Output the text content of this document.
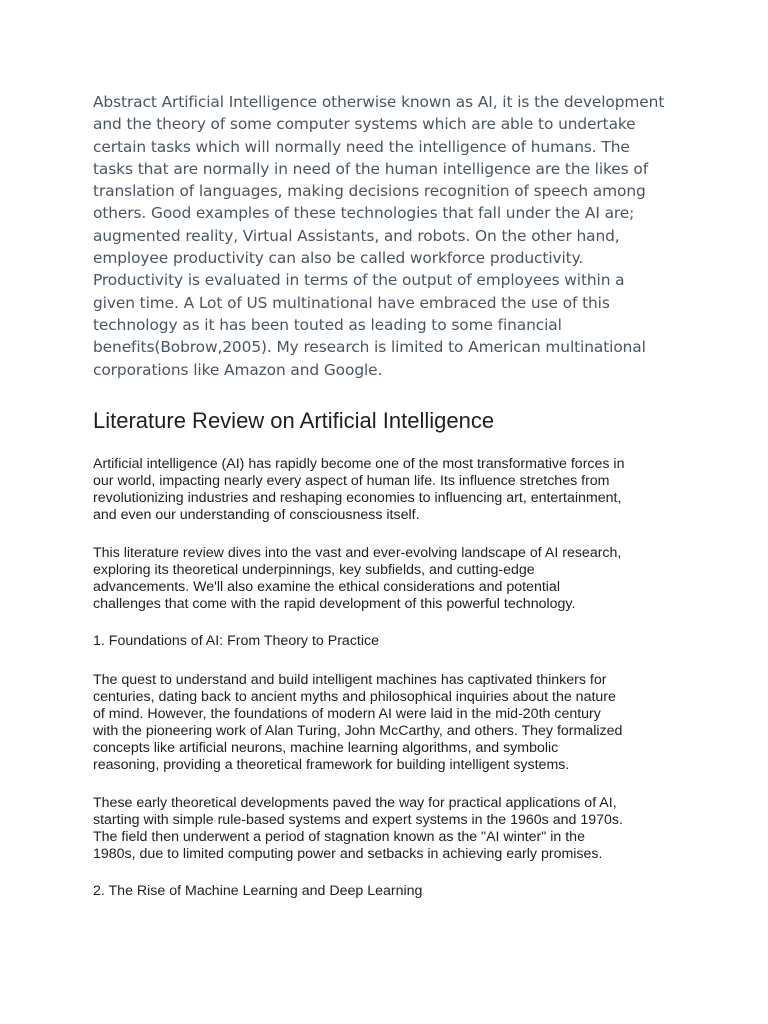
Abstract Artificial Intelligence otherwise known as AI, it is the development
and the theory of some computer systems which are able to undertake
certain tasks which will normally need the intelligence of humans. The
tasks that are normally in need of the human intelligence are the likes of
translation of languages, making decisions recognition of speech among
others. Good examples of these technologies that fall under the AI are;
augmented reality, Virtual Assistants, and robots. On the other hand,
employee productivity can also be called workforce productivity.
Productivity is evaluated in terms of the output of employees within a
given time. A Lot of US multinational have embraced the use of this
technology as it has been touted as leading to some financial
benefits(Bobrow,2005). My research is limited to American multinational
corporations like Amazon and Google.

Literature Review on Artificial Intelligence

Artificial intelligence (AI) has rapidly become one of the most transformative forces in
our world, impacting nearly every aspect of human life. Its influence stretches from
revolutionizing industries and reshaping economies to influencing art, entertainment,
and even our understanding of consciousness itself.

This literature review dives into the vast and ever-evolving landscape of AI research,
exploring its theoretical underpinnings, key subfields, and cutting-edge
advancements. We'll also examine the ethical considerations and potential
challenges that come with the rapid development of this powerful technology.

1. Foundations of AI: From Theory to Practice

The quest to understand and build intelligent machines has captivated thinkers for
centuries, dating back to ancient myths and philosophical inquiries about the nature
of mind. However, the foundations of modern AI were laid in the mid-20th century
with the pioneering work of Alan Turing, John McCarthy, and others. They formalized
concepts like artificial neurons, machine learning algorithms, and symbolic
reasoning, providing a theoretical framework for building intelligent systems.

These early theoretical developments paved the way for practical applications of AI,
starting with simple rule-based systems and expert systems in the 1960s and 1970s.
The field then underwent a period of stagnation known as the "AI winter" in the
1980s, due to limited computing power and setbacks in achieving early promises.

2. The Rise of Machine Learning and Deep Learning
